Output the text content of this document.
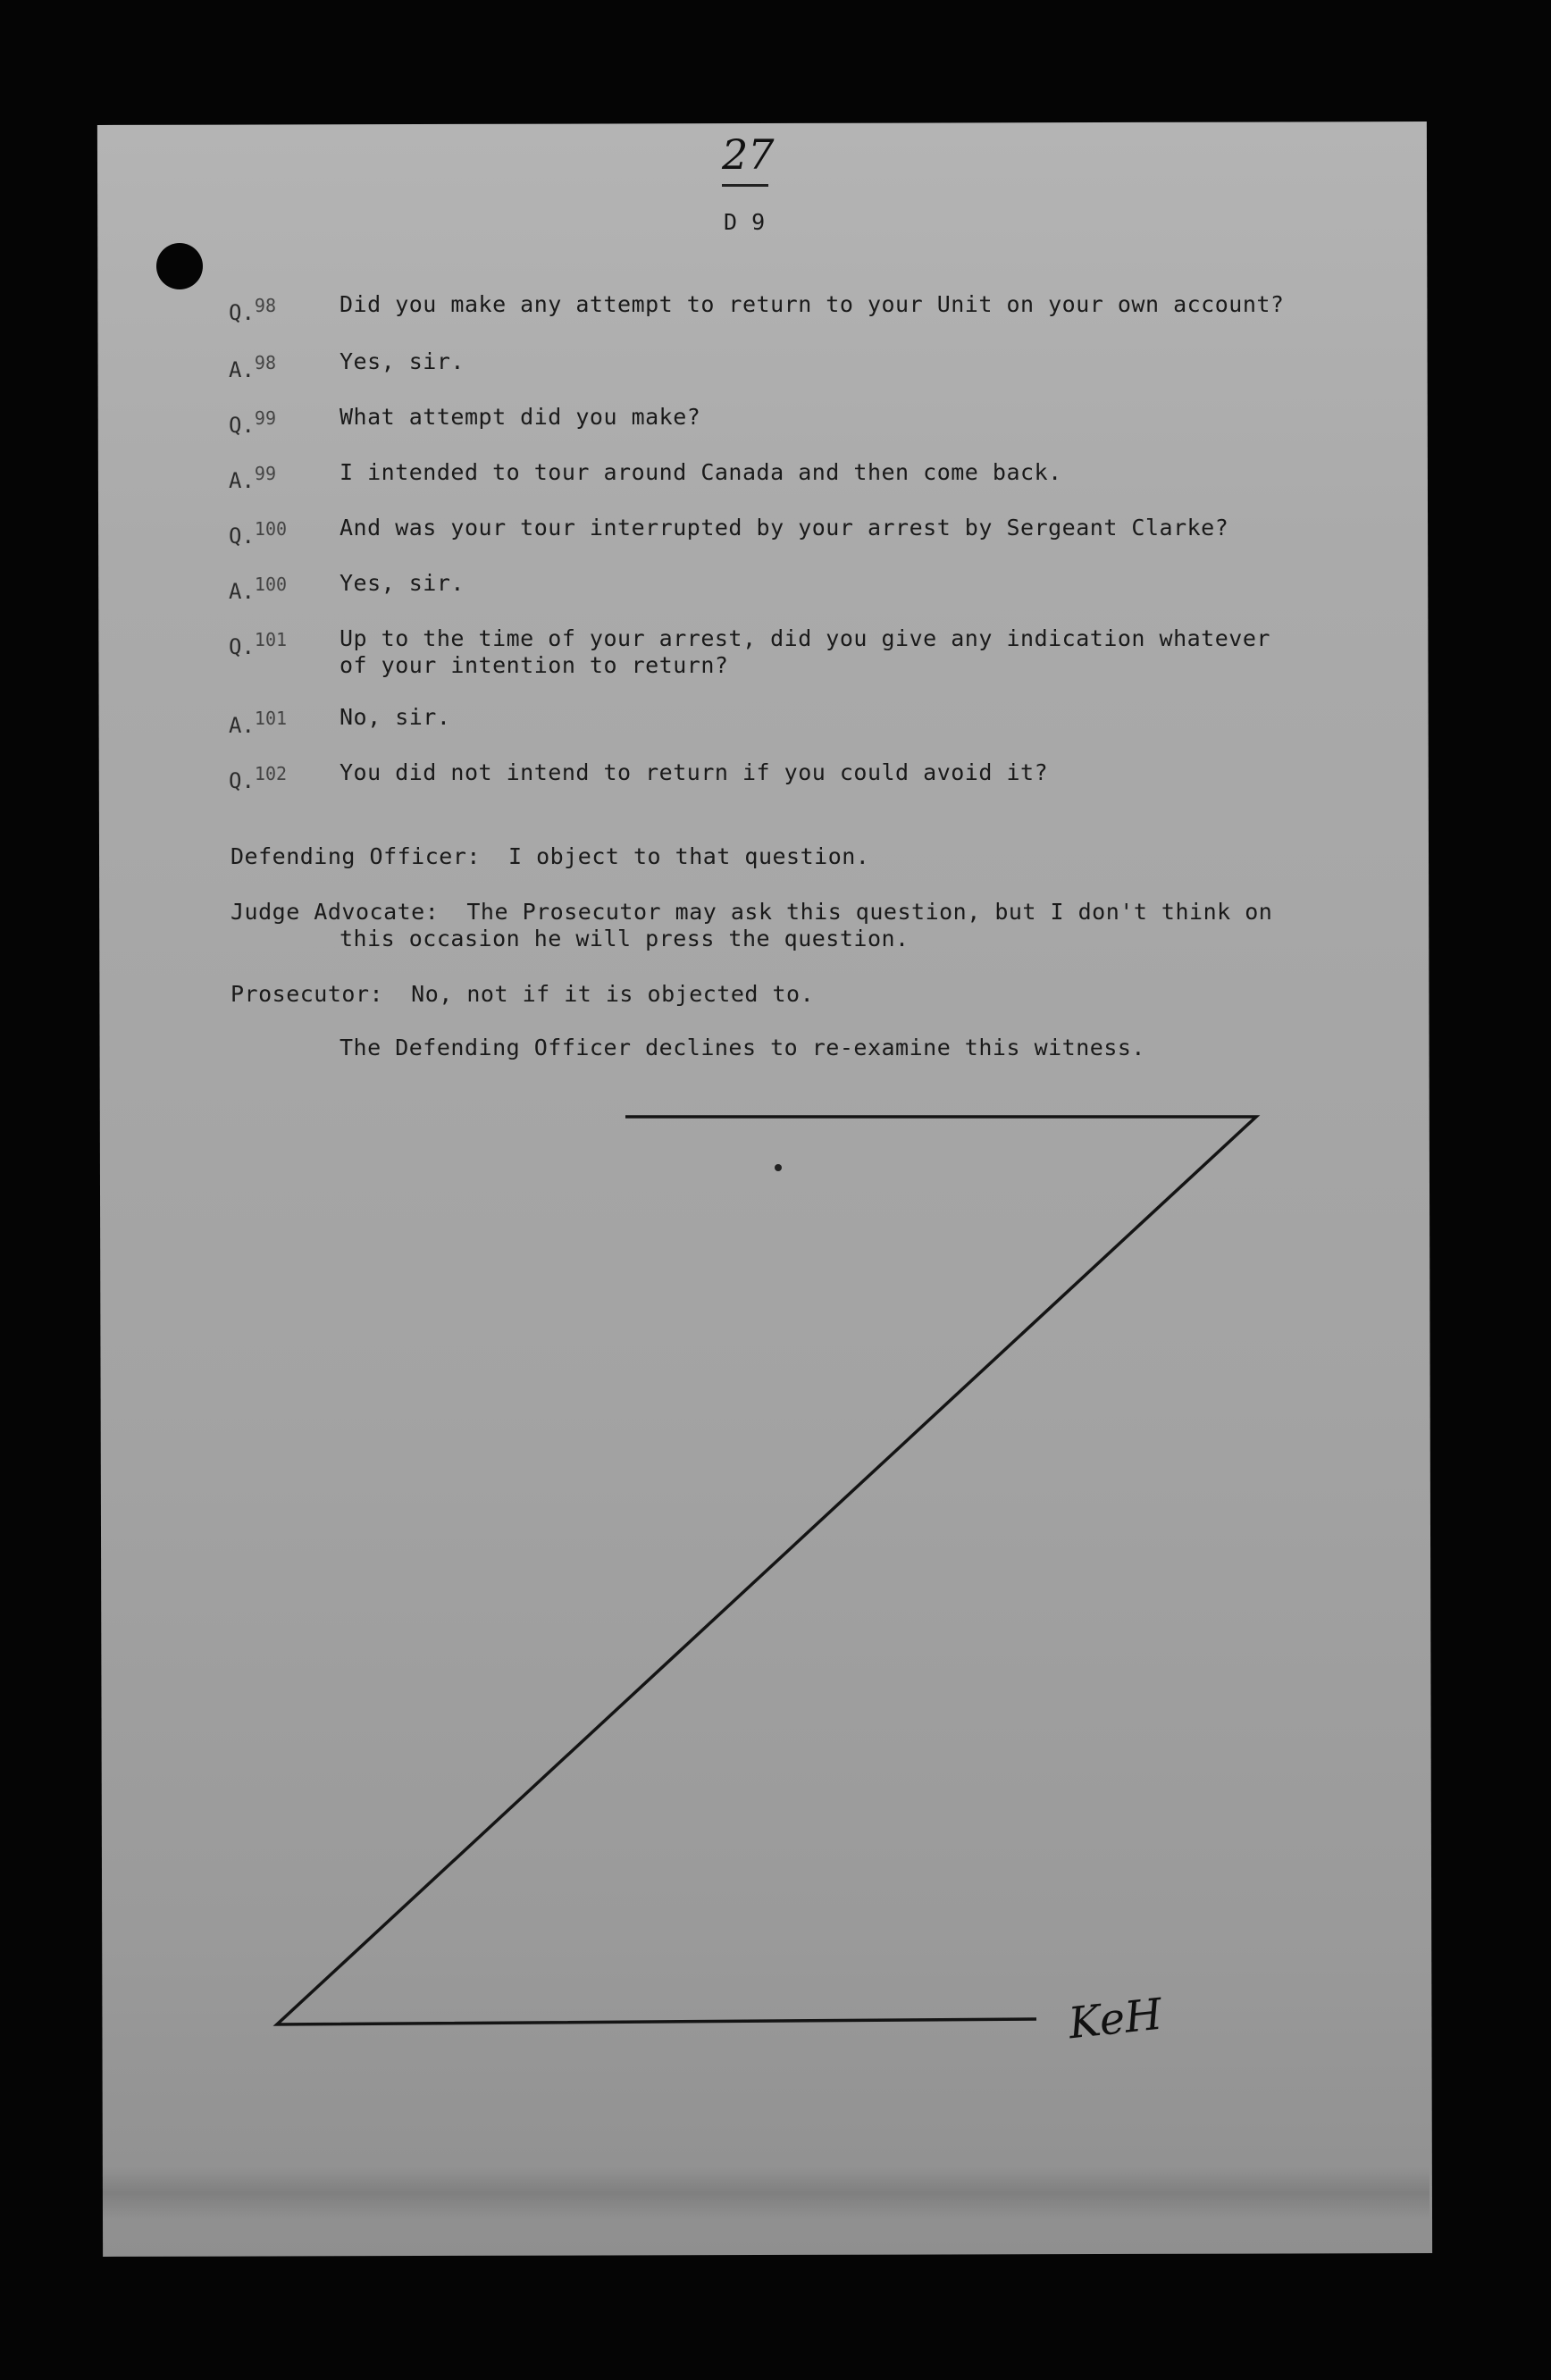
27
D 9
Q.$^{98}$	Did you make any attempt to return to your Unit on your own account?
A.$^{98}$	Yes, sir.
Q.$^{99}$	What attempt did you make?
A.$^{99}$	I intended to tour around Canada and then come back.
Q.$^{100}$ And was your tour interrupted by your arrest by Sergeant Clarke?
A.$^{100}$ Yes, sir.
Q.$^{101}$ Up to the time of your arrest, did you give any indication whatever
of your intention to return?
A.$^{101}$ No, sir.
Q.$^{102}$ You did not intend to return if you could avoid it?
Defending Officer:  I object to that question.
Judge Advocate:  The Prosecutor may ask this question, but I don't think on
this occasion he will press the question.
Prosecutor:  No, not if it is objected to.
The Defending Officer declines to re-examine this witness.
KeH
